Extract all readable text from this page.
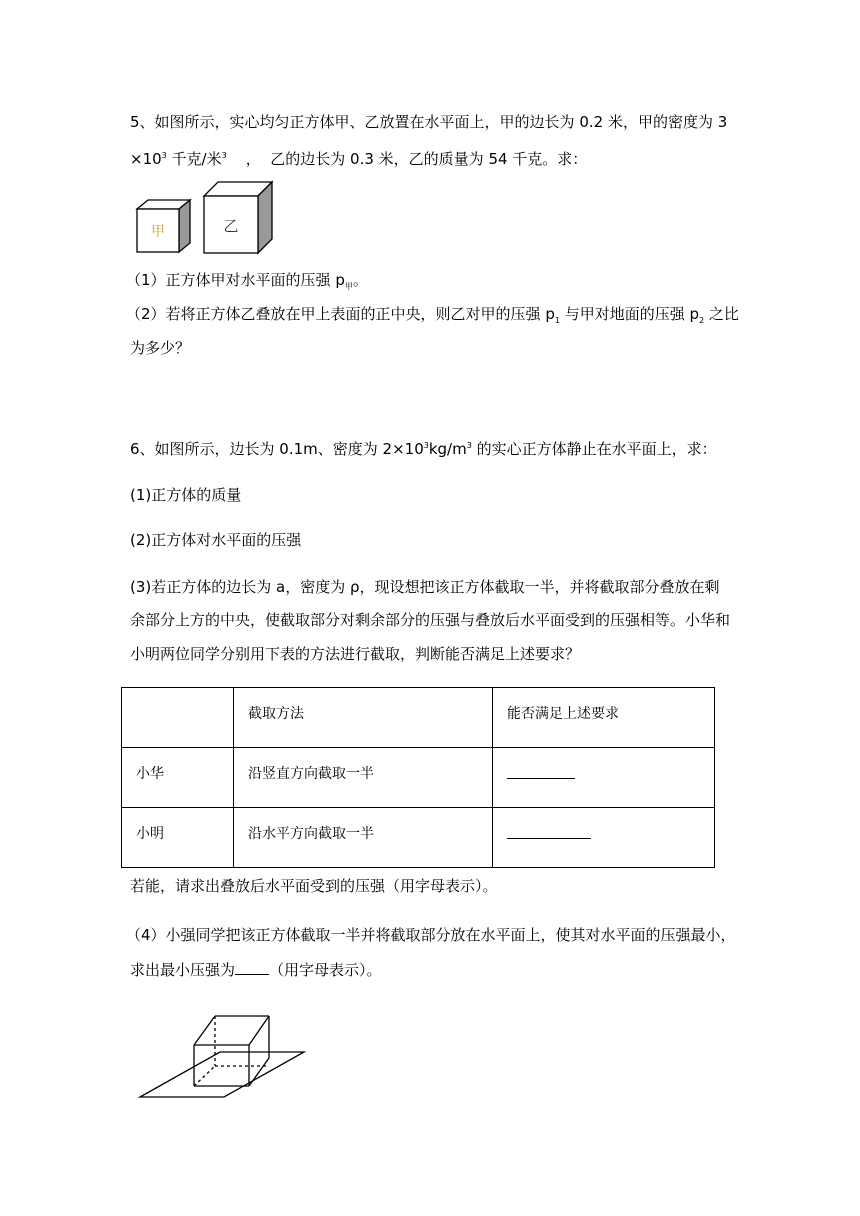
5、如图所示，实心均匀正方体甲、乙放置在水平面上，甲的边长为 0.2 米，甲的密度为 3
$\times 10^3$ 千克/米$^3$    ，  乙的边长为 0.3 米，乙的质量为 54 千克。求：
甲	乙
（1）正方体甲对水平面的压强 $p_甲$。
（2）若将正方体乙叠放在甲上表面的正中央，则乙对甲的压强 $p_1$ 与甲对地面的压强 $p_2$ 之比
为多少？
6、如图所示，边长为 0.1m、密度为 $2\times 10^3kg/m^3$ 的实心正方体静止在水平面上，求：
(1)正方体的质量
(2)正方体对水平面的压强
(3)若正方体的边长为 a，密度为 ρ，现设想把该正方体截取一半，并将截取部分叠放在剩
余部分上方的中央，使截取部分对剩余部分的压强与叠放后水平面受到的压强相等。小华和
小明两位同学分别用下表的方法进行截取，判断能否满足上述要求？

	截取方法	能否满足上述要求

小华	沿竖直方向截取一半	

小明	沿水平方向截取一半	

若能，请求出叠放后水平面受到的压强（用字母表示）。
（4）小强同学把该正方体截取一半并将截取部分放在水平面上，使其对水平面的压强最小，
求出最小压强为 （用字母表示）。
